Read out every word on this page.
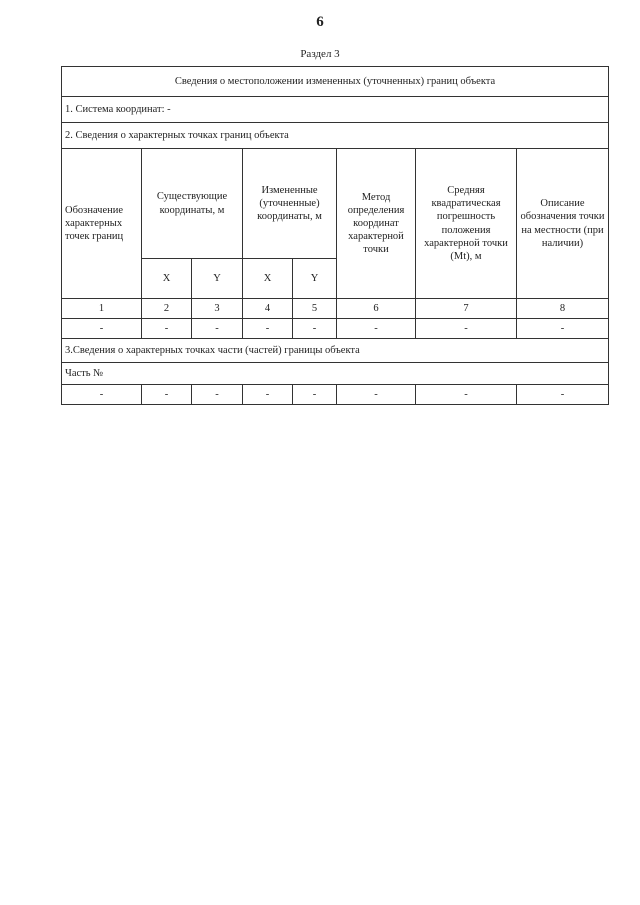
6
Раздел 3
Сведения о местоположении измененных (уточненных) границ объекта							
1. Система координат: -							
2. Сведения о характерных точках границ объекта							
Обозначение характерных точек границ	Существующие координаты, м		Измененные (уточненные) координаты, м		Метод определения координат характерной точки	Средняя квадратическая погрешность положения характерной точки (Mt), м	Описание обозначения точки на местности (при наличии)
	X	Y	X	Y			
1	2	3	4	5	6	7	8
-	-	-	-	-	-	-	-
3.Сведения о характерных точках части (частей) границы объекта							
Часть №							
-	-	-	-	-	-	-	-
